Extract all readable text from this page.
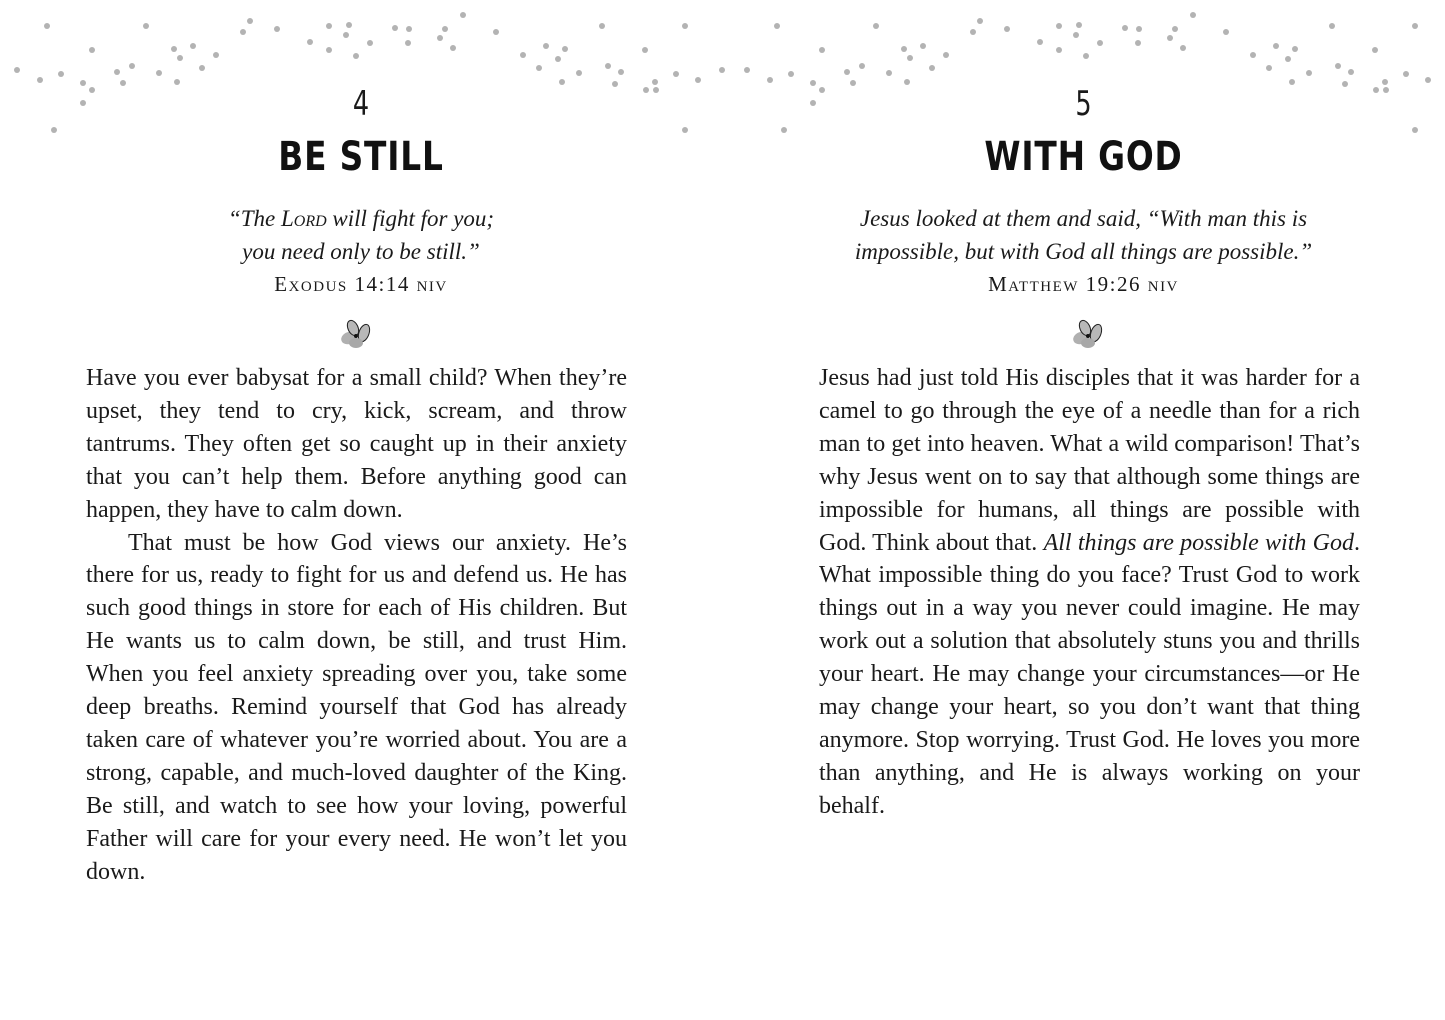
4
BE STILL
“The Lord will fight for you;
you need only to be still.”
Exodus 14:14 niv

Have you ever babysat for a small child? When they’re upset, they tend to cry, kick, scream, and throw tantrums. They often get so caught up in their anxiety that you can’t help them. Before anything good can happen, they have to calm down.

That must be how God views our anxiety. He’s there for us, ready to fight for us and defend us. He has such good things in store for each of His children. But He wants us to calm down, be still, and trust Him. When you feel anxiety spreading over you, take some deep breaths. Remind yourself that God has already taken care of whatever you’re worried about. You are a strong, capable, and much-loved daughter of the King. Be still, and watch to see how your loving, powerful Father will care for your every need. He won’t let you down.

5
WITH GOD
Jesus looked at them and said, “With man this is
impossible, but with God all things are possible.”
Matthew 19:26 niv

Jesus had just told His disciples that it was harder for a camel to go through the eye of a needle than for a rich man to get into heaven. What a wild comparison! That’s why Jesus went on to say that although some things are impossible for humans, all things are possible with God. Think about that. All things are possible with God. What impossible thing do you face? Trust God to work things out in a way you never could imagine. He may work out a solution that absolutely stuns you and thrills your heart. He may change your circumstances—or He may change your heart, so you don’t want that thing anymore. Stop worrying. Trust God. He loves you more than anything, and He is always working on your behalf.
